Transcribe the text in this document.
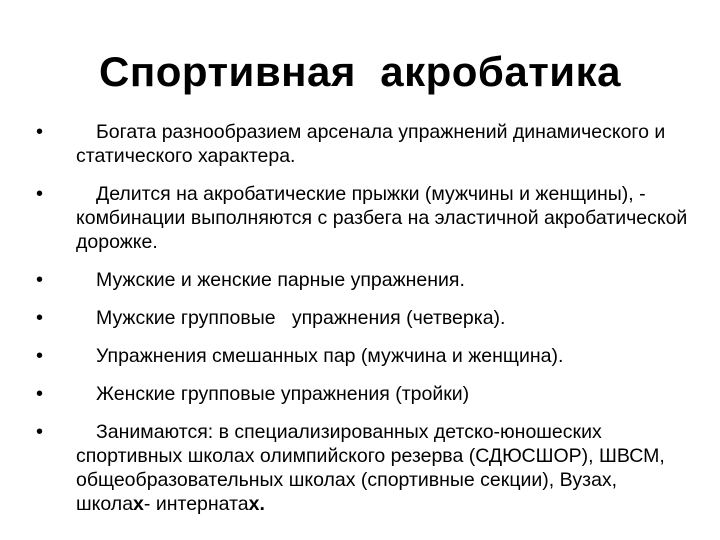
Спортивная  акробатика
•	Богата разнообразием арсенала упражнений динамического и статического характера.
•	Делится на акробатические прыжки (мужчины и женщины), - комбинации выполняются с разбега на эластичной акробатической дорожке.
•	Мужские и женские парные упражнения.
•	Мужские групповые   упражнения (четверка).
•	Упражнения смешанных пар (мужчина и женщина).
•	Женские групповые упражнения (тройки)
•	Занимаются: в специализированных детско-юношеских спортивных школах олимпийского резерва (СДЮСШОР), ШВСМ, общеобразовательных школах (спортивные секции), Вузах, школах- интернатах.
